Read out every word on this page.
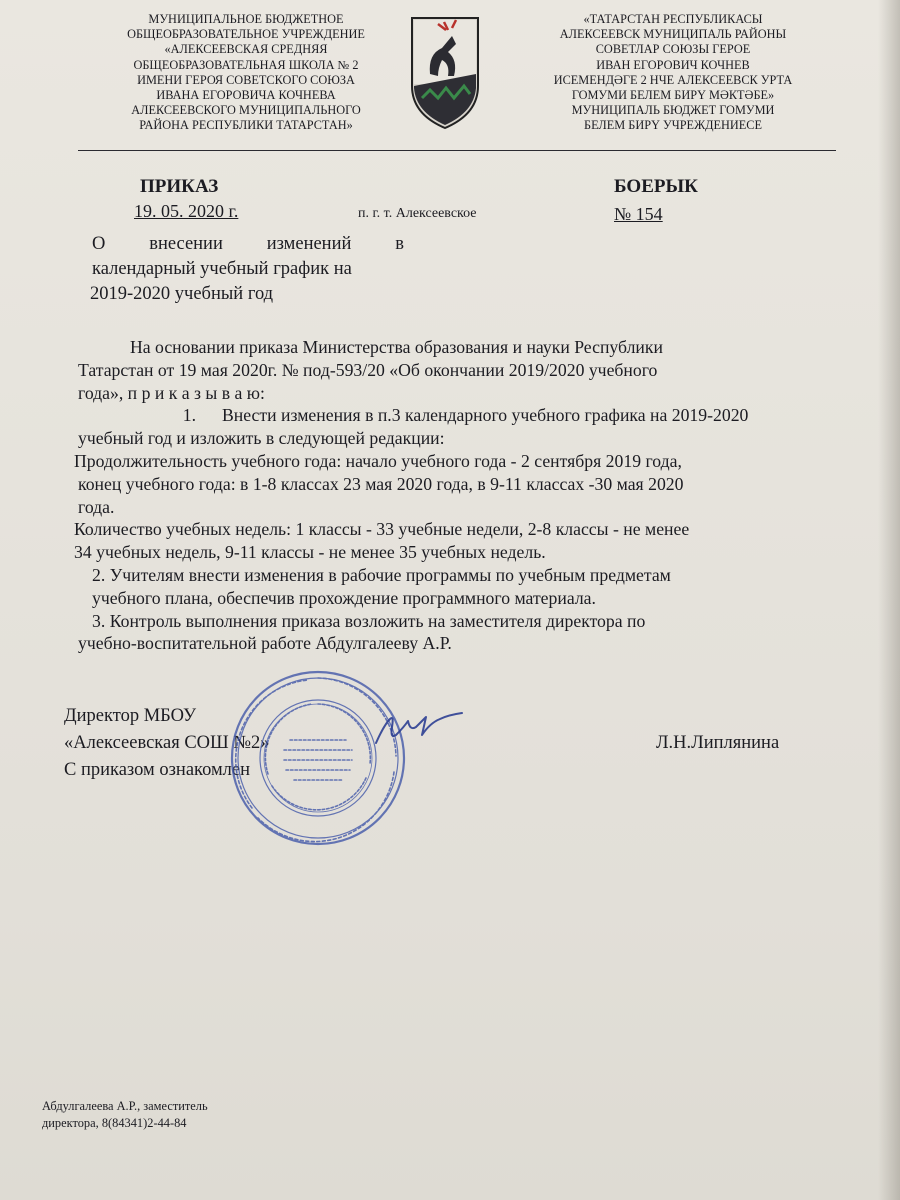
МУНИЦИПАЛЬНОЕ БЮДЖЕТНОЕ
ОБЩЕОБРАЗОВАТЕЛЬНОЕ УЧРЕЖДЕНИЕ
«АЛЕКСЕЕВСКАЯ СРЕДНЯЯ
ОБЩЕОБРАЗОВАТЕЛЬНАЯ ШКОЛА № 2
ИМЕНИ ГЕРОЯ СОВЕТСКОГО СОЮЗА
ИВАНА ЕГОРОВИЧА КОЧНЕВА
АЛЕКСЕЕВСКОГО МУНИЦИПАЛЬНОГО
РАЙОНА РЕСПУБЛИКИ ТАТАРСТАН»
«ТАТАРСТАН РЕСПУБЛИКАСЫ
АЛЕКСЕЕВСК МУНИЦИПАЛЬ РАЙОНЫ
СОВЕТЛАР СОЮЗЫ ГЕРОЕ
ИВАН ЕГОРОВИЧ КОЧНЕВ
ИСЕМЕНДӘГЕ 2 НЧЕ АЛЕКСЕЕВСК УРТА
ГОМУМИ БЕЛЕМ БИРҮ МӘКТӘБЕ»
МУНИЦИПАЛЬ БЮДЖЕТ ГОМУМИ
БЕЛЕМ БИРҮ УЧРЕЖДЕНИЕСЕ
ПРИКАЗ	БОЕРЫК
19. 05. 2020 г.	п. г. т. Алексеевское	№ 154
О внесении изменений в
календарный учебный график на
2019-2020 учебный год

На основании приказа Министерства образования и науки Республики

Татарстан от 19 мая 2020г. № под-593/20 «Об окончании 2019/2020 учебного

года», п р и к а з ы в а ю:

1. Внести изменения в п.3 календарного учебного графика на 2019-2020

учебный год и изложить в следующей редакции:

Продолжительность учебного года: начало учебного года - 2 сентября 2019 года,

конец учебного года: в 1-8 классах 23 мая 2020 года, в 9-11 классах -30 мая 2020

года.

Количество учебных недель: 1 классы - 33 учебные недели, 2-8 классы - не менее

34 учебных недель, 9-11 классы - не менее 35 учебных недель.

2. Учителям внести изменения в рабочие программы по учебным предметам

учебного плана, обеспечив прохождение программного материала.

3. Контроль выполнения приказа возложить на заместителя директора по

учебно-воспитательной работе Абдулгалееву А.Р.

Директор МБОУ
«Алексеевская СОШ №2»
С приказом ознакомлен
Л.Н.Липлянина
Абдулгалеева А.Р., заместитель
директора, 8(84341)2-44-84
